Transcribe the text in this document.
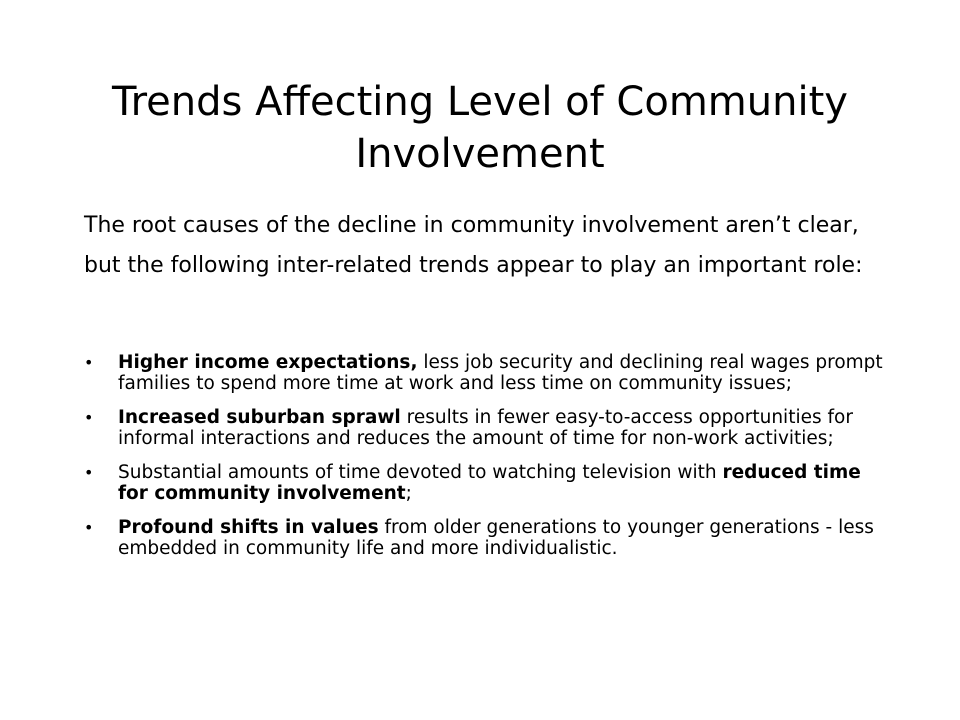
Trends Affecting Level of Community Involvement

The root causes of the decline in community involvement aren’t clear, but the following inter-related trends appear to play an important role:

• Higher income expectations, less job security and declining real wages prompt families to spend more time at work and less time on community issues;
• Increased suburban sprawl results in fewer easy-to-access opportunities for informal interactions and reduces the amount of time for non-work activities;
• Substantial amounts of time devoted to watching television with reduced time for community involvement;
• Profound shifts in values from older generations to younger generations - less embedded in community life and more individualistic.
